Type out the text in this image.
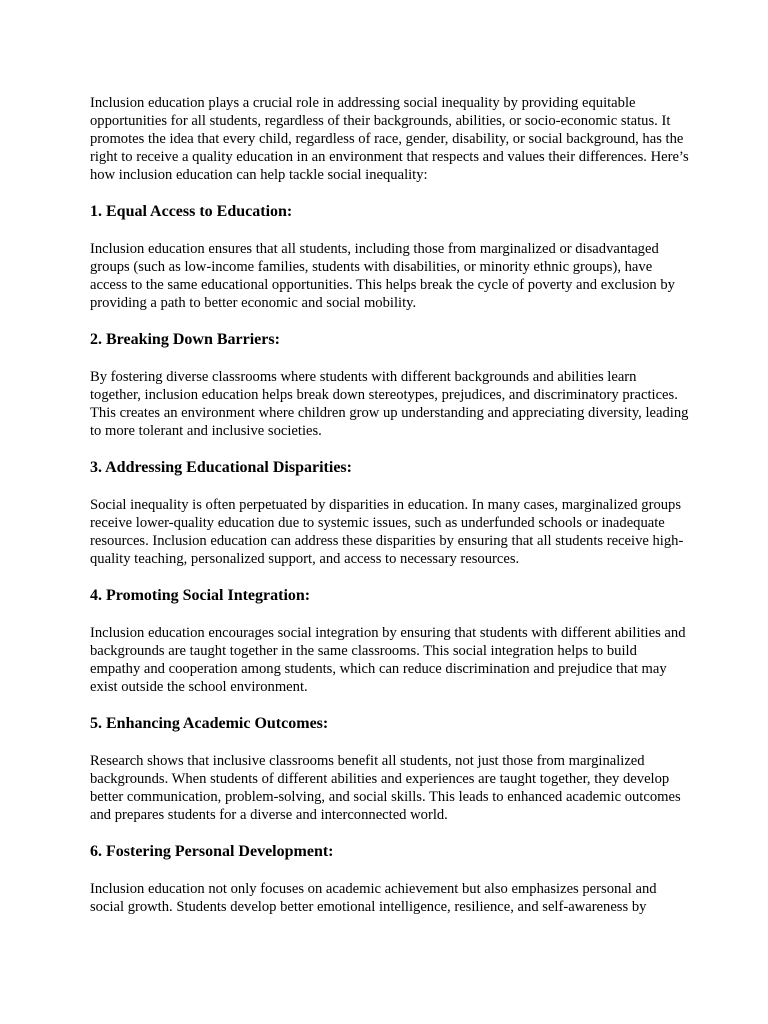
Inclusion education plays a crucial role in addressing social inequality by providing equitable opportunities for all students, regardless of their backgrounds, abilities, or socio-economic status. It promotes the idea that every child, regardless of race, gender, disability, or social background, has the right to receive a quality education in an environment that respects and values their differences. Here’s how inclusion education can help tackle social inequality:

1. Equal Access to Education:

Inclusion education ensures that all students, including those from marginalized or disadvantaged groups (such as low-income families, students with disabilities, or minority ethnic groups), have access to the same educational opportunities. This helps break the cycle of poverty and exclusion by providing a path to better economic and social mobility.

2. Breaking Down Barriers:

By fostering diverse classrooms where students with different backgrounds and abilities learn together, inclusion education helps break down stereotypes, prejudices, and discriminatory practices. This creates an environment where children grow up understanding and appreciating diversity, leading to more tolerant and inclusive societies.

3. Addressing Educational Disparities:

Social inequality is often perpetuated by disparities in education. In many cases, marginalized groups receive lower-quality education due to systemic issues, such as underfunded schools or inadequate resources. Inclusion education can address these disparities by ensuring that all students receive high-quality teaching, personalized support, and access to necessary resources.

4. Promoting Social Integration:

Inclusion education encourages social integration by ensuring that students with different abilities and backgrounds are taught together in the same classrooms. This social integration helps to build empathy and cooperation among students, which can reduce discrimination and prejudice that may exist outside the school environment.

5. Enhancing Academic Outcomes:

Research shows that inclusive classrooms benefit all students, not just those from marginalized backgrounds. When students of different abilities and experiences are taught together, they develop better communication, problem-solving, and social skills. This leads to enhanced academic outcomes and prepares students for a diverse and interconnected world.

6. Fostering Personal Development:

Inclusion education not only focuses on academic achievement but also emphasizes personal and social growth. Students develop better emotional intelligence, resilience, and self-awareness by
